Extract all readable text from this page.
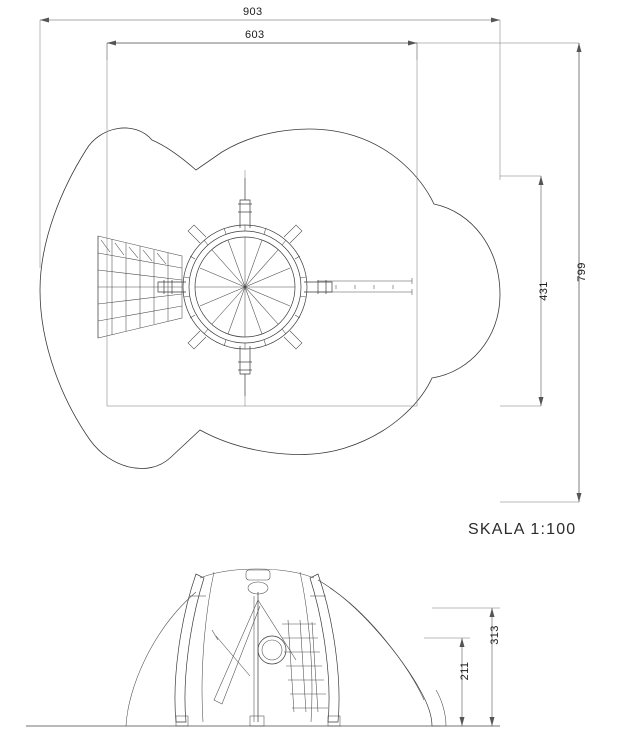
903
603
799
431
SKALA 1:100
313
211
